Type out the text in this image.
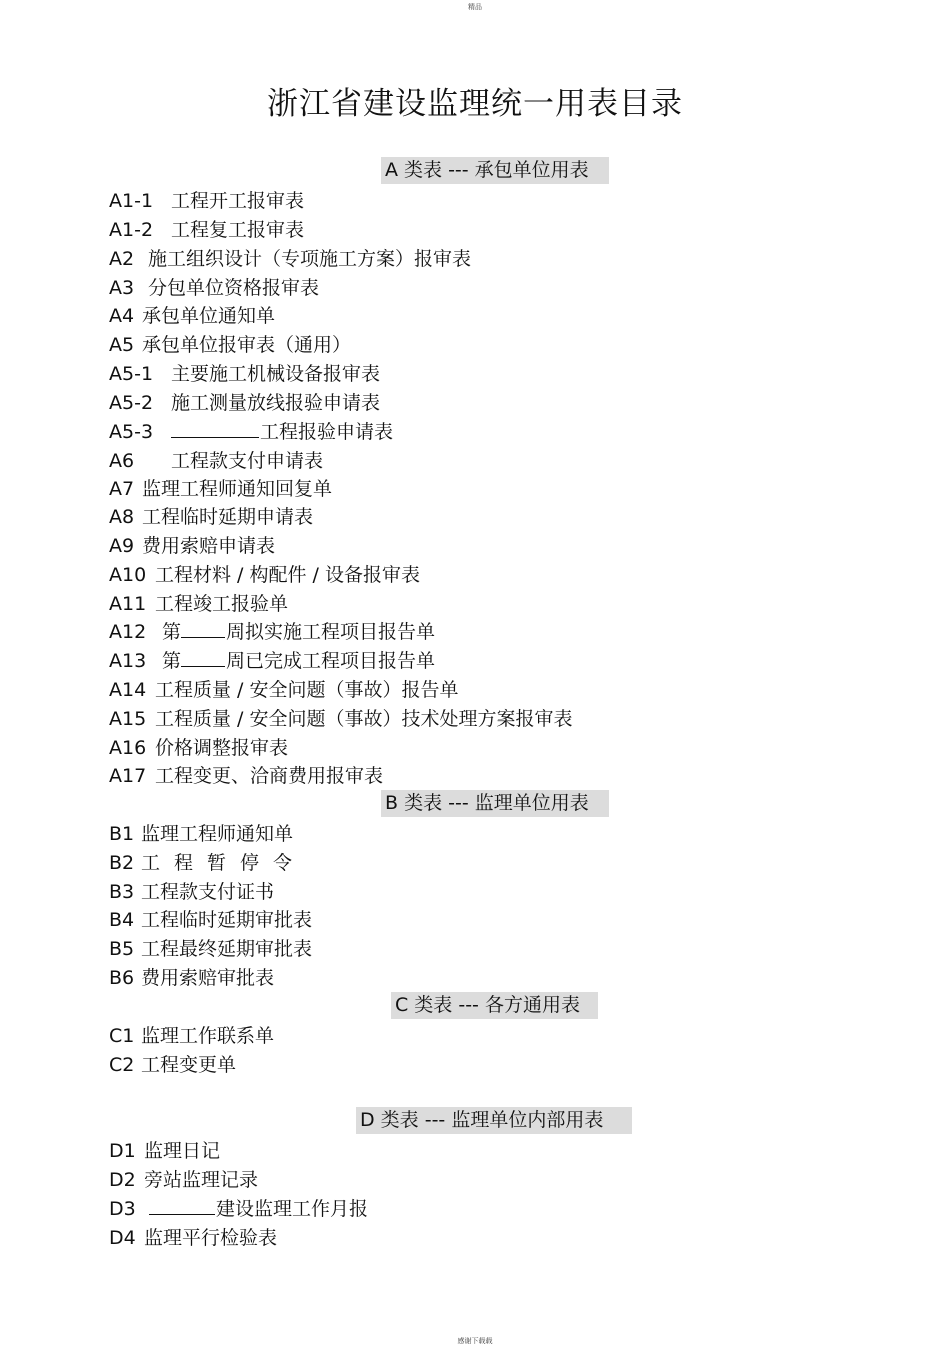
精品
浙江省建设监理统一用表目录
A 类表 --- 承包单位用表
A1-1 工程开工报审表
A1-2 工程复工报审表
A2 施工组织设计（专项施工方案）报审表
A3 分包单位资格报审表
A4 承包单位通知单
A5 承包单位报审表（通用）
A5-1 主要施工机械设备报审表
A5-2 施工测量放线报验申请表
A5-3	工程报验申请表
A6 工程款支付申请表
A7 监理工程师通知回复单
A8 工程临时延期申请表
A9 费用索赔申请表
A10 工程材料 / 构配件 / 设备报审表
A11 工程竣工报验单
A12 第 周拟实施工程项目报告单
A13 第 周已完成工程项目报告单
A14 工程质量 / 安全问题（事故）报告单
A15 工程质量 / 安全问题（事故）技术处理方案报审表
A16 价格调整报审表
A17 工程变更、洽商费用报审表
B 类表 --- 监理单位用表
B1 监理工程师通知单
B2 工程暂停令
B3 工程款支付证书
B4 工程临时延期审批表
B5 工程最终延期审批表
B6 费用索赔审批表
C 类表 --- 各方通用表
C1 监理工作联系单
C2 工程变更单
D 类表 --- 监理单位内部用表
D1 监理日记
D2 旁站监理记录
D3	建设监理工作月报
D4 监理平行检验表
感谢下载载
